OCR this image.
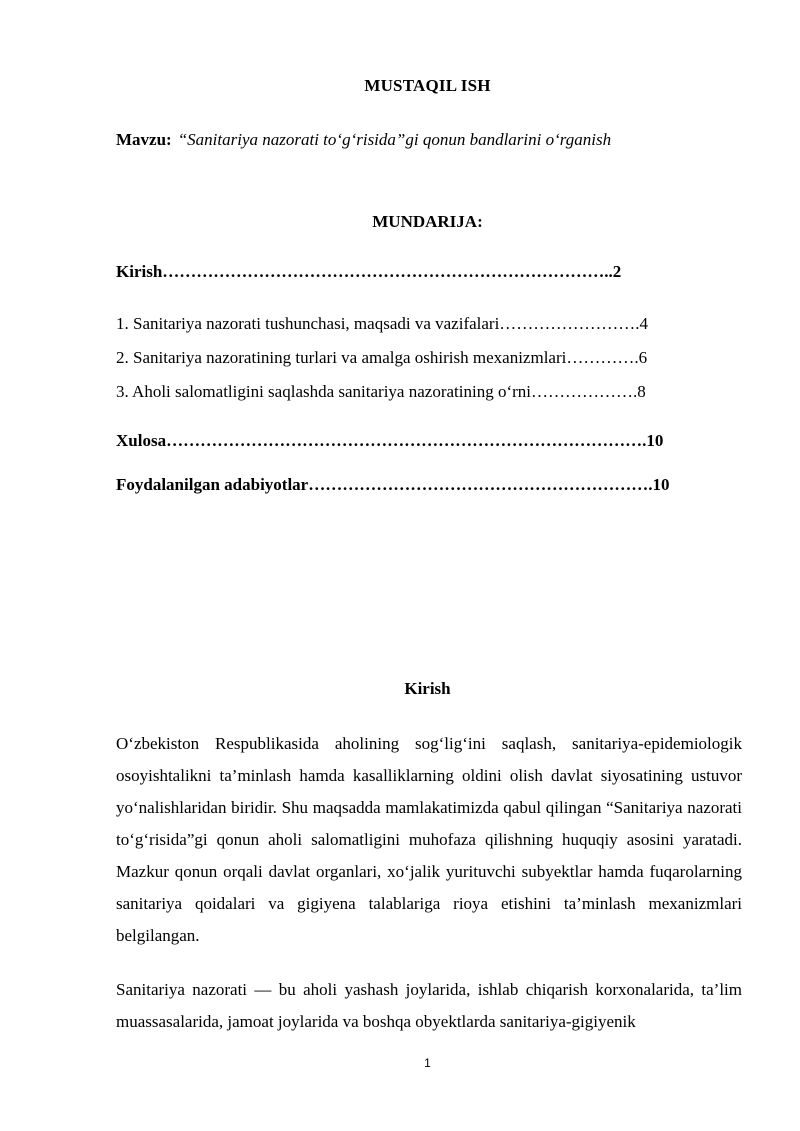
MUSTAQIL ISH
Mavzu: “Sanitariya nazorati to‘g‘risida”gi qonun bandlarini o‘rganish
MUNDARIJA:
Kirish……………………………………………………………………..2
1. Sanitariya nazorati tushunchasi, maqsadi va vazifalari…………………….4
2. Sanitariya nazoratining turlari va amalga oshirish mexanizmlari………….6
3. Aholi salomatligini saqlashda sanitariya nazoratining o‘rni……………….8
Xulosa………………………………………………………………………….10
Foydalanilgan adabiyotlar…………………………………………………….10
Kirish

O‘zbekiston Respublikasida aholining sog‘lig‘ini saqlash, sanitariya-epidemiologik osoyishtalikni ta’minlash hamda kasalliklarning oldini olish davlat siyosatining ustuvor yo‘nalishlaridan biridir. Shu maqsadda mamlakatimizda qabul qilingan “Sanitariya nazorati to‘g‘risida”gi qonun aholi salomatligini muhofaza qilishning huquqiy asosini yaratadi. Mazkur qonun orqali davlat organlari, xo‘jalik yurituvchi subyektlar hamda fuqarolarning sanitariya qoidalari va gigiyena talablariga rioya etishini ta’minlash mexanizmlari belgilangan.

Sanitariya nazorati — bu aholi yashash joylarida, ishlab chiqarish korxonalarida, ta’lim muassasalarida, jamoat joylarida va boshqa obyektlarda sanitariya-gigiyenik

1
